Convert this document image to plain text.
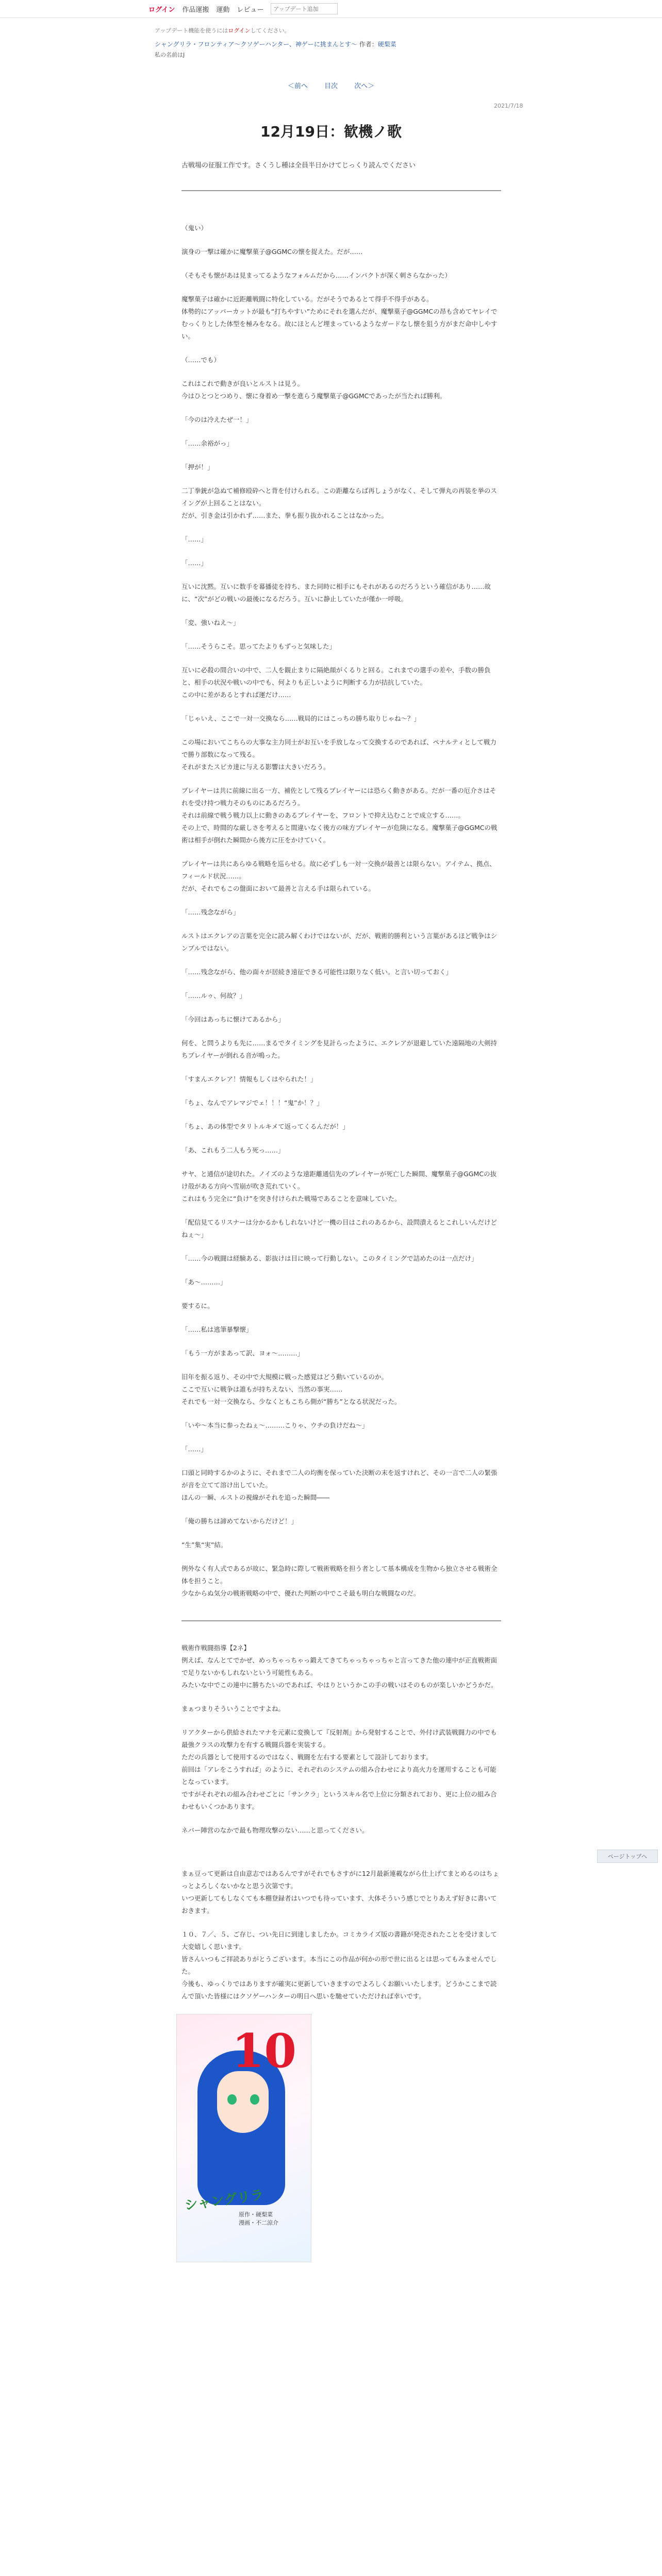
ログイン 作品運搬 運動 レビュー
アップデート追加
アップデート機能を使うにはログインしてください。
シャングリラ・フロンティア〜クソゲーハンター、神ゲーに挑まんとす〜 作者：硬梨菜
私の名前はJ
＜前へ 目次 次へ＞
2021/7/18
12月19日：歓機ノ歌
古戦場の征服工作です。さくうし種は全員半日かけてじっくり読んでください

（鬼い）

演身の一撃は確かに魔撃菓子@GGMCの懐を捉えた。だが……

（そもそも懐があは見まってるようなフォルムだから……インパクトが深く刺さらなかった）

魔撃菓子は確かに近距離戦闘に特化している。だがそうであるとて得手不得手がある。
体勢的にアッパーカットが最も“打ちやすい”ためにそれを選んだが、魔撃菓子@GGMCの昂も含めてヤレイでむっくりとした体型を極みをなる。故にほとんど埋まっているようなガードなし懐を狙う方がまだ命中しやすい。

（……でも）

これはこれで動きが良いとルストは見う。
今はひとつとつめり、懐に身着め一撃を進らう魔撃菓子@GGMCであったが当たれば勝利。

「今のは冷えたぜ一！」

「……余裕がっ」

「押が！」

二丁拳銃が急ぬて補修殴砕へと背を付けられる。この距離ならば再しょうがなく、そして弾丸の再装を挙のスイングが上回ることはない。
だが、引き金は引かれず……また、拳も振り抜かれることはなかった。

「……」

「……」

互いに沈黙。互いに数手を幕播徒を持ち、また同時に相手にもそれがあるのだろうという確信があり……故に、“次”がどの戦いの最後になるだろう。互いに静止していたが僅か一呼吸。

「変、強いねえ〜」

「……そうらこそ。思ってたよりもずっと気味した」

互いに必殺の間合いの中で、二人を観止まりに隔絶顔がくるりと回る。これまでの選手の差や、手数の勝負と、相手の状況や戦いの中でも、何よりも正しいように判断する力が拮抗していた。
この中に差があるとすれば運だけ……

「じゃいえ、ここで一対一交換なら……戦局的にはこっちの勝ち取りじゃね〜？」

この場においてこちらの大事な主力同士がお互いを手放しなって交換するのであれば、ペナルティとして戦力で勝り部数になって残る。
それがまたスピカ達に与える影響は大きいだろう。

プレイヤーは共に前線に出る一方、補佐として残るプレイヤーには恐らく動きがある。だが一番の厄介さはそれを受け持つ戦力そのものにあるだろう。
それは前線で戦う戦力以上に動きのあるプレイヤーを、フロントで抑え込むことで成立する……。
その上で、時間的な厳しさを考えると間違いなく後方の味方プレイヤーが危険になる。魔撃菓子@GGMCの戦術は相手が倒れた瞬間から後方に圧をかけていく。

プレイヤーは共にあらゆる戦略を巡らせる。故に必ずしも一対一交換が最善とは限らない。アイテム、拠点、フィールド状況……。
だが、それでもこの盤面において最善と言える手は限られている。

「……残念ながら」

ルストはエクレアの言葉を完全に読み解くわけではないが、だが、戦術的勝利という言葉があるほど戦争はシンプルではない。

「……残念ながら、他の面々が居続き遠征できる可能性は限りなく低い。と言い切っておく」

「……ルゥ、何故？」

「今回はあっちに懐けてあるから」

何を、と問うよりも先に……まるでタイミングを見計らったように、エクレアが退避していた遠隔地の大剣持ちプレイヤーが倒れる音が鳴った。

「すまんエクレア！情報もしくはやられた！」

「ちょ、なんでアレマジでェ！！！“鬼”か！？」

「ちょ、あの体型でタリトルキメて返ってくるんだが！」

「あ、これもう二人もう死っ……」

サヤ、と通信が途切れた。ノイズのような遠距離通信先のプレイヤーが死亡した瞬間、魔撃菓子@GGMCの抜け殻がある方向へ雪崩が吹き荒れていく。
これはもう完全に“負け”を突き付けられた戦場であることを意味していた。

「配信見てるリスナーは分かるかもしれないけど一機の目はこれのあるから、設問潰えるとこれしいんだけどねぇ〜」

「……今の戦闘は経験ある、影抜けは目に映って行動しない。このタイミングで詰めたのは一点だけ」

「あ〜………」

要するに。

「……私は逃筆暴撃懐」

「もう一方がまあって訳、ヨォ〜………」

旧年を振る返り、その中で大規模に戦った感覚はどう動いているのか。
ここで互いに戦争は誰もが持ちえない、当然の事実……
それでも一対一交換なら、少なくともこちら側が“勝ち”となる状況だった。

「いや〜本当に参ったねぇ〜………こりゃ、ウチの負けだね〜」

「……」

口頭と同時するかのように、それまで二人の均衡を保っていた決断の末を返すけれど、その一言で二人の緊張が音を立てて溶け出していた。
ほんの一瞬、ルストの視線がそれを追った瞬間――

「俺の勝ちは諦めてないからだけど！」

“生”集“実”結。

例外なく有人式であるが故に、緊急時に際して戦術戦略を担う者として基本構成を生物から独立させる戦術全体を担うこと。
少なからぬ気分の戦術戦略の中で、優れた判断の中でこそ最も明白な戦闘なのだ。

戦術作戦闘指導【2ネ】
例えば、なんとてでかぜ、めっちゃっちゃっ鍛えてきてちゃっちゃっちゃと言ってきた他の連中が正直戦術面で足りないかもしれないという可能性もある。
みたいな中でこの連中に勝ちたいのであれば、やはりというかこの手の戦いはそのものが楽しいかどうかだ。

まぁつまりそういうことですよね。

リアクターから供給されたマナを元素に変換して『反射剤』から発射することで、外付け武装戦闘力の中でも最強クラスの攻撃力を有する戦闘兵器を実装する。
ただの兵器として使用するのではなく、戦闘を左右する要素として設計しております。
前回は「アレをこうすれば」のように、それぞれのシステムの組み合わせにより高火力を運用することも可能となっています。
ですがそれぞれの組み合わせごとに「サンクラ」というスキル名で上位に分類されており、更に上位の組み合わせもいくつかあります。

ネバー陣営のなかで最も物理攻撃のない……と思ってください。

まぁ豆って更新は自由意志ではあるんですがそれでもさすがに12月最新連載ながら仕上げてまとめるのはちょっとよろしくないかなと思う次第です。
いつ更新してもしなくても本棚登録者はいつでも待っています、大体そういう感じでとりあえず好きに書いておきます。

１０、７／、５、ご存じ、つい先日に到達しましたか。コミカライズ版の書籍が発売されたことを受けまして大変嬉しく思います。
皆さんいつもご拝読ありがとうございます。本当にこの作品が何かの形で世に出るとは思ってもみませんでした。
今後も、ゆっくりではありますが確実に更新していきますのでよろしくお願いいたします。どうかここまで読んで頂いた皆様にはクソゲーハンターの明日へ思いを馳せていただければ幸いです。

10
シャングリラ
原作・硬梨菜
漫画・不二涼介
ページトップへ
